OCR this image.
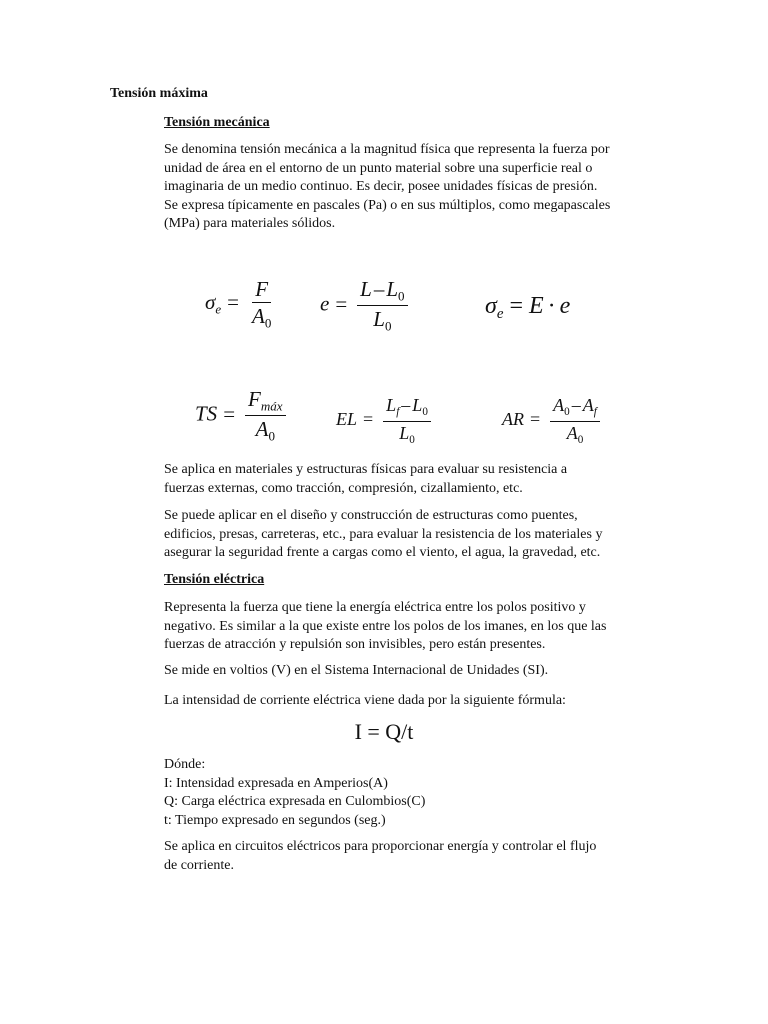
Tensión máxima
Tensión mecánica
Se denomina tensión mecánica a la magnitud física que representa la fuerza por
unidad de área en el entorno de un punto material sobre una superficie real o
imaginaria de un medio continuo. Es decir, posee unidades físicas de presión.
Se expresa típicamente en pascales (Pa) o en sus múltiplos, como megapascales
(MPa) para materiales sólidos.
$\sigma_e = \frac{F}{A_0}$ $e = \frac{L-L_0}{L_0}$	$\sigma_e = E \cdot e$
TS = $\frac{F_{máx}}{A_0}$	EL = $\frac{L_f - L_0}{L_0}$	AR = $\frac{A_0 - A_f}{A_0}$
Se aplica en materiales y estructuras físicas para evaluar su resistencia a
fuerzas externas, como tracción, compresión, cizallamiento, etc.
Se puede aplicar en el diseño y construcción de estructuras como puentes,
edificios, presas, carreteras, etc., para evaluar la resistencia de los materiales y
asegurar la seguridad frente a cargas como el viento, el agua, la gravedad, etc.
Tensión eléctrica
Representa la fuerza que tiene la energía eléctrica entre los polos positivo y
negativo. Es similar a la que existe entre los polos de los imanes, en los que las
fuerzas de atracción y repulsión son invisibles, pero están presentes.
Se mide en voltios (V) en el Sistema Internacional de Unidades (SI).
La intensidad de corriente eléctrica viene dada por la siguiente fórmula:
I = Q/t
Dónde:
I: Intensidad expresada en Amperios(A)
Q: Carga eléctrica expresada en Culombios(C)
t: Tiempo expresado en segundos (seg.)
Se aplica en circuitos eléctricos para proporcionar energía y controlar el flujo
de corriente.
